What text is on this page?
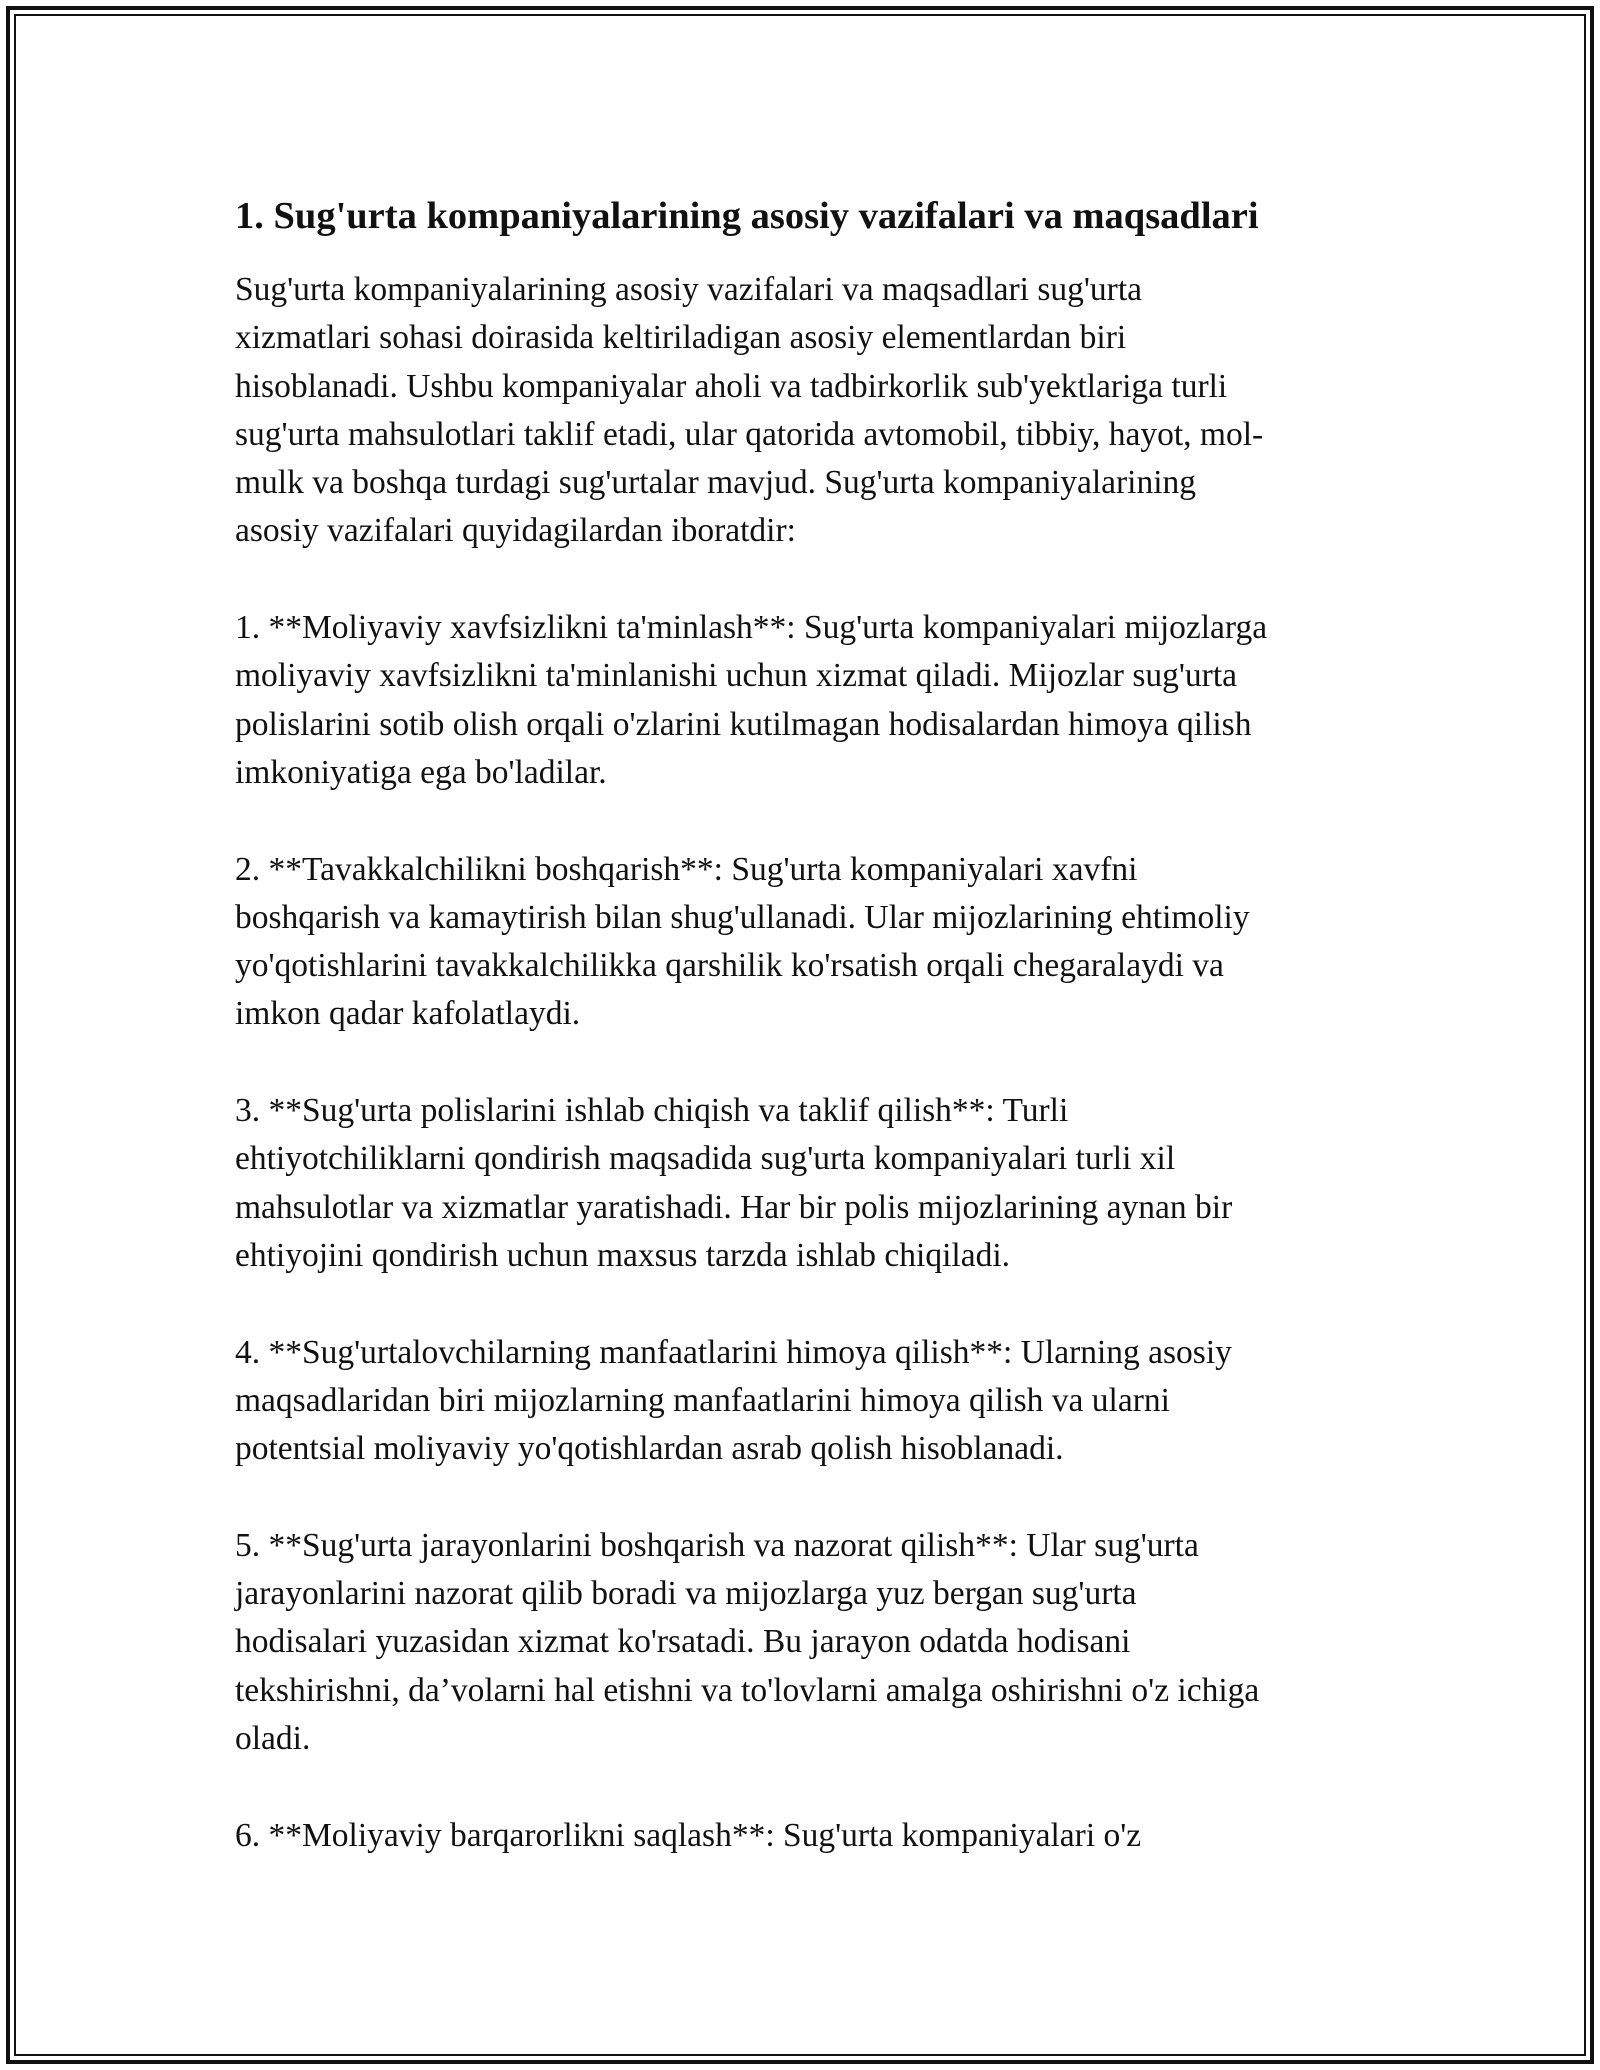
1. Sug'urta kompaniyalarining asosiy vazifalari va maqsadlari
Sug'urta kompaniyalarining asosiy vazifalari va maqsadlari sug'urta
xizmatlari sohasi doirasida keltiriladigan asosiy elementlardan biri
hisoblanadi. Ushbu kompaniyalar aholi va tadbirkorlik sub'yektlariga turli
sug'urta mahsulotlari taklif etadi, ular qatorida avtomobil, tibbiy, hayot, mol-
mulk va boshqa turdagi sug'urtalar mavjud. Sug'urta kompaniyalarining
asosiy vazifalari quyidagilardan iboratdir:
1. **Moliyaviy xavfsizlikni ta'minlash**: Sug'urta kompaniyalari mijozlarga
moliyaviy xavfsizlikni ta'minlanishi uchun xizmat qiladi. Mijozlar sug'urta
polislarini sotib olish orqali o'zlarini kutilmagan hodisalardan himoya qilish
imkoniyatiga ega bo'ladilar.
2. **Tavakkalchilikni boshqarish**: Sug'urta kompaniyalari xavfni
boshqarish va kamaytirish bilan shug'ullanadi. Ular mijozlarining ehtimoliy
yo'qotishlarini tavakkalchilikka qarshilik ko'rsatish orqali chegaralaydi va
imkon qadar kafolatlaydi.
3. **Sug'urta polislarini ishlab chiqish va taklif qilish**: Turli
ehtiyotchiliklarni qondirish maqsadida sug'urta kompaniyalari turli xil
mahsulotlar va xizmatlar yaratishadi. Har bir polis mijozlarining aynan bir
ehtiyojini qondirish uchun maxsus tarzda ishlab chiqiladi.
4. **Sug'urtalovchilarning manfaatlarini himoya qilish**: Ularning asosiy
maqsadlaridan biri mijozlarning manfaatlarini himoya qilish va ularni
potentsial moliyaviy yo'qotishlardan asrab qolish hisoblanadi.
5. **Sug'urta jarayonlarini boshqarish va nazorat qilish**: Ular sug'urta
jarayonlarini nazorat qilib boradi va mijozlarga yuz bergan sug'urta
hodisalari yuzasidan xizmat ko'rsatadi. Bu jarayon odatda hodisani
tekshirishni, da’volarni hal etishni va to'lovlarni amalga oshirishni o'z ichiga
oladi.
6. **Moliyaviy barqarorlikni saqlash**: Sug'urta kompaniyalari o'z
